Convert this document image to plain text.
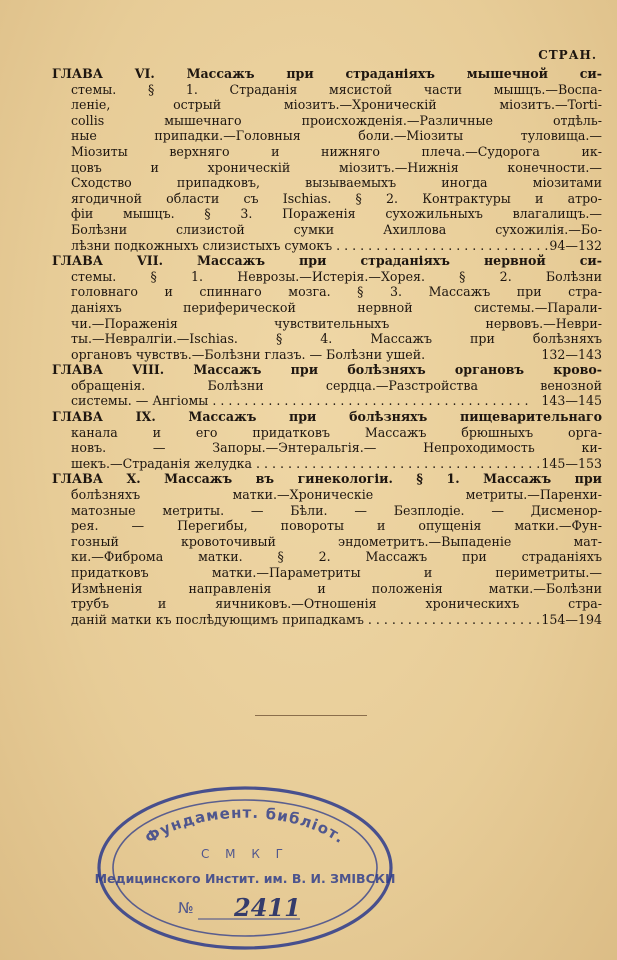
СТРАН.
ГЛАВА VI. Массажъ при страданіяхъ мышечной си-
стемы. § 1. Страданія мясистой части мышцъ.—Воспа-
леніе, острый міозитъ.—Хроническій міозитъ.—Torti-
collis мышечнаго происхожденія.—Различные отдѣль-
ные припадки.—Головныя боли.—Міозиты туловища.—
Міозиты верхняго и нижняго плеча.—Судорога ик-
цовъ и хроническій міозитъ.—Нижнія конечности.—
Сходство припадковъ, вызываемыхъ иногда міозитами
ягодичной области съ Ischias. § 2. Контрактуры и атро-
фіи мышцъ. § 3. Пораженія сухожильныхъ влагалищъ.—
Болѣзни слизистой сумки Ахиллова сухожилія.—Бо-
лѣзни подкожныхъ слизистыхъ сумокъ . . .	94—132
ГЛАВА VII. Массажъ при страданіяхъ нервной си-
стемы. § 1. Неврозы.—Истерія.—Хорея. § 2. Болѣзни
головнаго и спиннаго мозга. § 3. Массажъ при стра-
даніяхъ периферической нервной системы.—Парали-
чи.—Пораженія чувствительныхъ нервовъ.—Неври-
ты.—Невралгіи.—Ischias. § 4. Массажъ при болѣзняхъ
органовъ чувствъ.—Болѣзни глазъ. — Болѣзни ушей.	132—143
ГЛАВА VIII. Массажъ при болѣзняхъ органовъ крово-
обращенія. Болѣзни сердца.—Разстройства венозной
системы. — Ангіомы . . .	143—145
ГЛАВА IX. Массажъ при болѣзняхъ пищеварительнаго
канала и его придатковъ Массажъ брюшныхъ орга-
новъ. — Запоры.—Энтеральгія.— Непроходимость ки-
шекъ.—Страданія желудка . . .	145—153
ГЛАВА X. Массажъ въ гинекологіи. § 1. Массажъ при
болѣзняхъ матки.—Хроническіе метриты.—Паренхи-
матозные метриты. — Бѣли. — Безплодіе. — Дисменор-
рея. — Перегибы, повороты и опущенія матки.—Фун-
гозный кровоточивый эндометритъ.—Выпаденіе мат-
ки.—Фиброма матки. § 2. Массажъ при страданіяхъ
придатковъ матки.—Параметриты и периметриты.—
Измѣненія направленія и положенія матки.—Болѣзни
трубъ и яичниковъ.—Отношенія хроническихъ стра-
даній матки къ послѣдующимъ припадкамъ . . .	154—194
Фундамент. библіот.
С М К Г
Медицинского Инстит. им. В. И. ЗМІВСКИ
№ 2411
